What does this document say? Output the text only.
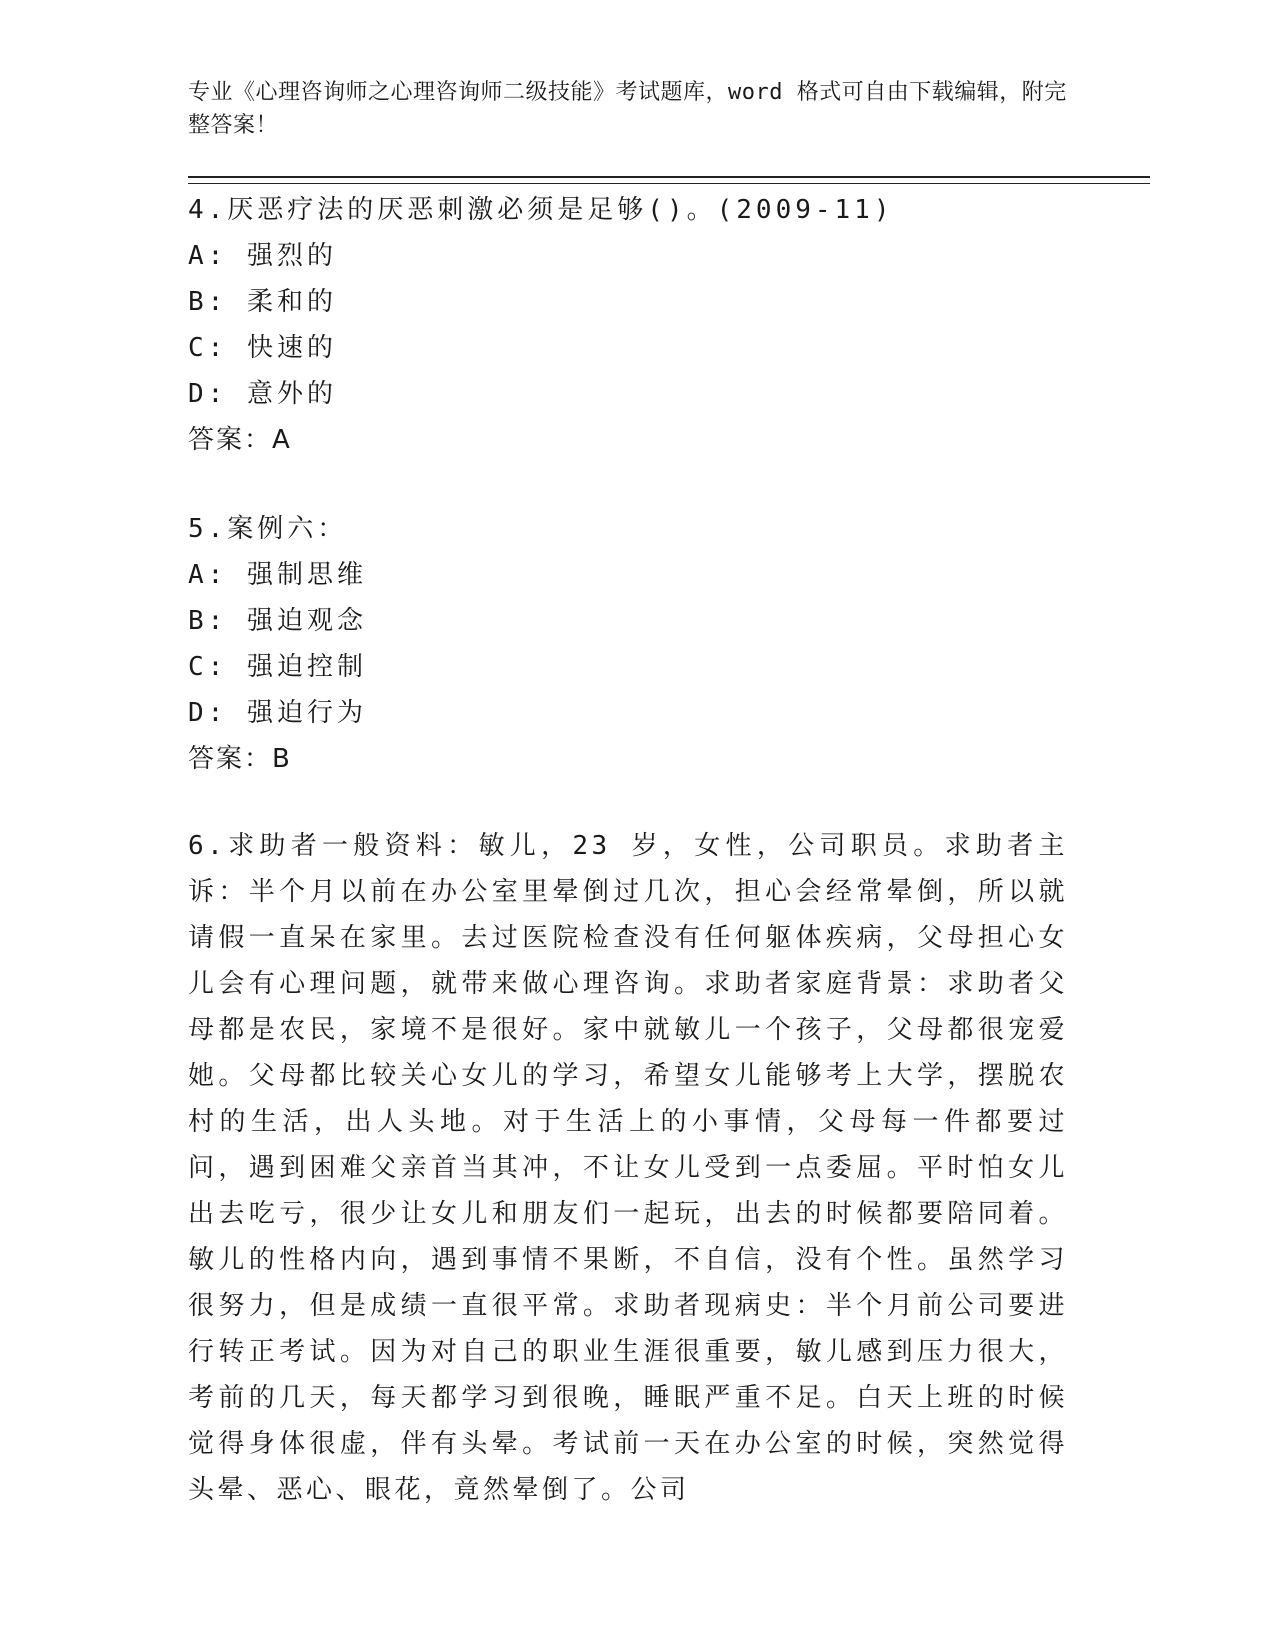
专业《心理咨询师之心理咨询师二级技能》考试题库，word 格式可自由下载编辑，附完整答案！
4.厌恶疗法的厌恶刺激必须是足够()。(2009-11)
A: 强烈的
B: 柔和的
C: 快速的
D: 意外的
答案：A
5.案例六：
A: 强制思维
B: 强迫观念
C: 强迫控制
D: 强迫行为
答案：B
6.求助者一般资料：敏儿，23 岁，女性，公司职员。求助者主诉：半个月以前在办公室里晕倒过几次，担心会经常晕倒，所以就请假一直呆在家里。去过医院检查没有任何躯体疾病，父母担心女儿会有心理问题，就带来做心理咨询。求助者家庭背景：求助者父母都是农民，家境不是很好。家中就敏儿一个孩子，父母都很宠爱她。父母都比较关心女儿的学习，希望女儿能够考上大学，摆脱农村的生活，出人头地。对于生活上的小事情，父母每一件都要过问，遇到困难父亲首当其冲，不让女儿受到一点委屈。平时怕女儿出去吃亏，很少让女儿和朋友们一起玩，出去的时候都要陪同着。敏儿的性格内向，遇到事情不果断，不自信，没有个性。虽然学习很努力，但是成绩一直很平常。求助者现病史：半个月前公司要进行转正考试。因为对自己的职业生涯很重要，敏儿感到压力很大，考前的几天，每天都学习到很晚，睡眠严重不足。白天上班的时候觉得身体很虚，伴有头晕。考试前一天在办公室的时候，突然觉得头晕、恶心、眼花，竟然晕倒了。公司
